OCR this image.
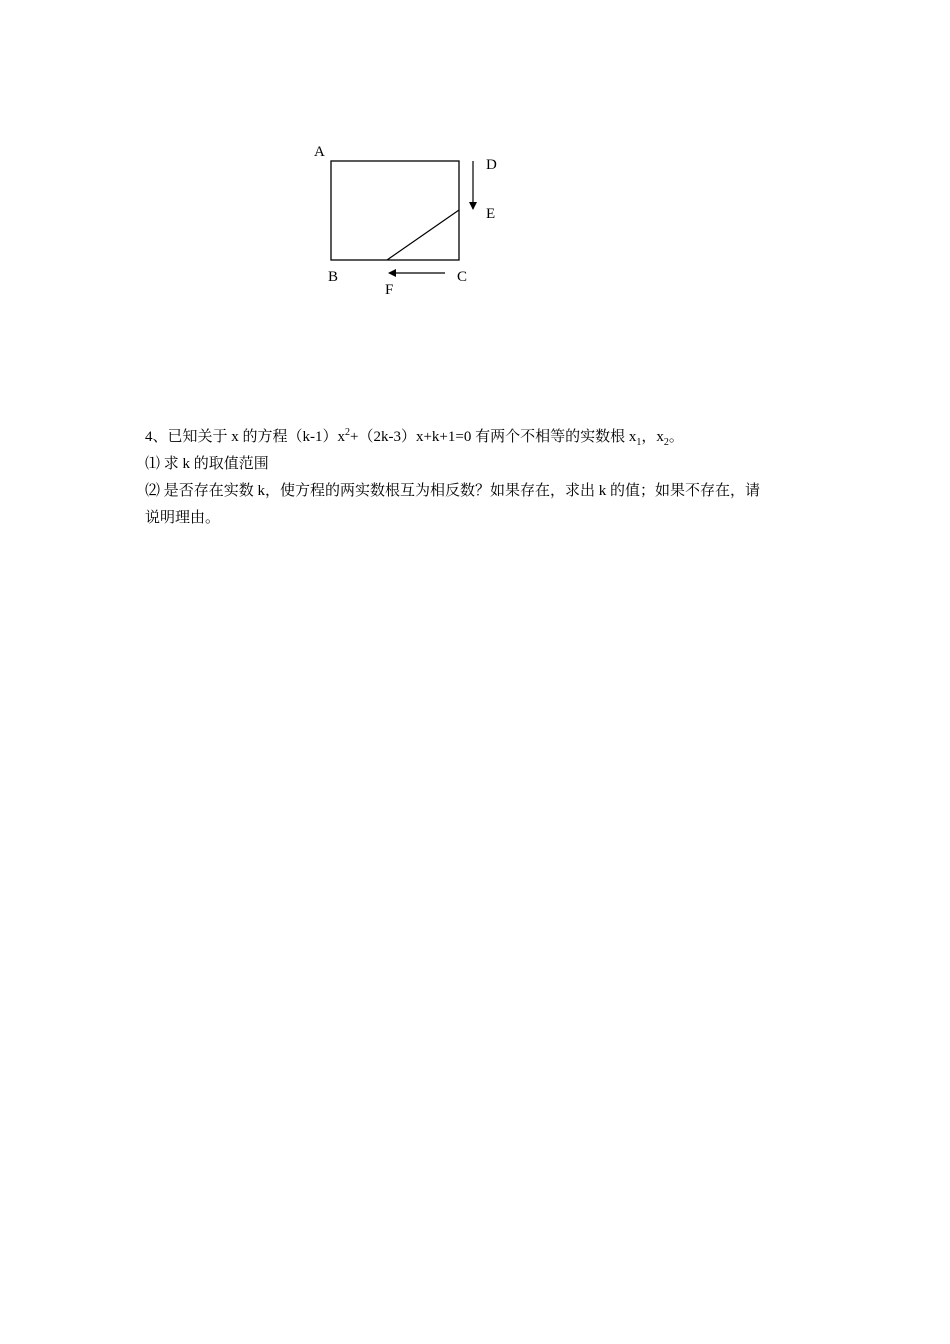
A
B	C
D
E
F
4、已知关于 x 的方程$(k-1)x^2+(2k-3)x+k+1=0$ 有两个不相等的实数根 $x_1$，$x_2$。
⑴ 求 k 的取值范围
⑵ 是否存在实数 k，使方程的两实数根互为相反数？如果存在，求出 k 的值；如果不存在，请
说明理由。
